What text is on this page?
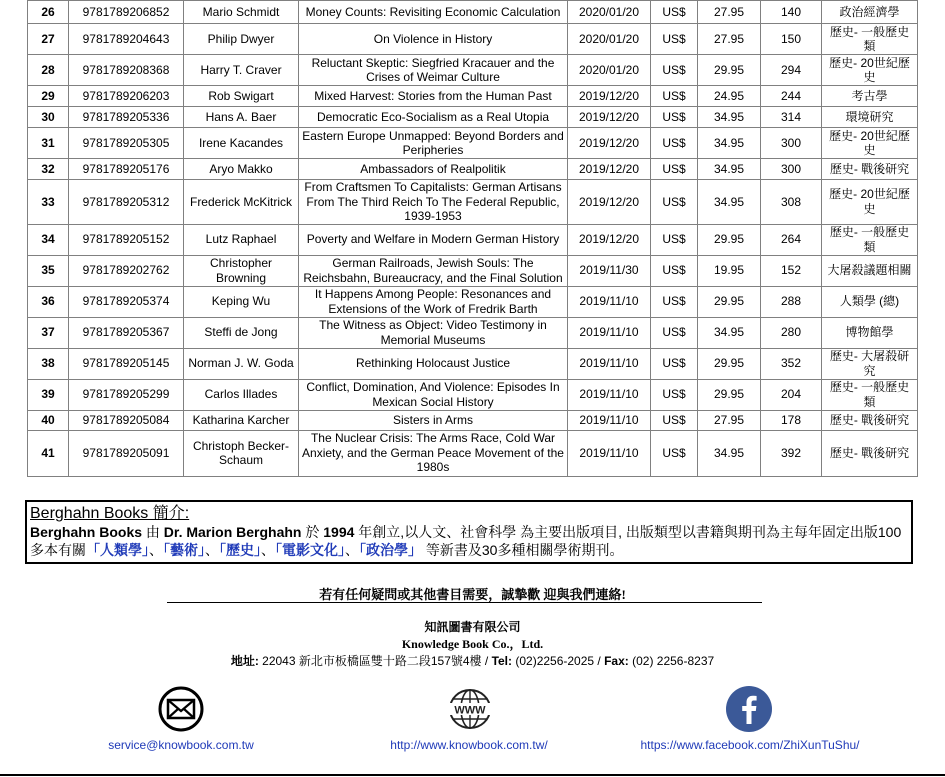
26	9781789206852	Mario Schmidt	Money Counts: Revisiting Economic Calculation	2020/01/20	US$	27.95	140	政治經濟學
27	9781789204643	Philip Dwyer	On Violence in History	2020/01/20	US$	27.95	150	歷史- 一般歷史類
28	9781789208368	Harry T. Craver	Reluctant Skeptic: Siegfried Kracauer and the Crises of Weimar Culture	2020/01/20	US$	29.95	294	歷史- 20世紀歷史
29	9781789206203	Rob Swigart	Mixed Harvest: Stories from the Human Past	2019/12/20	US$	24.95	244	考古學
30	9781789205336	Hans A. Baer	Democratic Eco-Socialism as a Real Utopia	2019/12/20	US$	34.95	314	環境研究
31	9781789205305	Irene Kacandes	Eastern Europe Unmapped: Beyond Borders and Peripheries	2019/12/20	US$	34.95	300	歷史- 20世紀歷史
32	9781789205176	Aryo Makko	Ambassadors of Realpolitik	2019/12/20	US$	34.95	300	歷史- 戰後研究
33	9781789205312	Frederick McKitrick	From Craftsmen To Capitalists: German Artisans From The Third Reich To The Federal Republic, 1939-1953	2019/12/20	US$	34.95	308	歷史- 20世紀歷史
34	9781789205152	Lutz Raphael	Poverty and Welfare in Modern German History	2019/12/20	US$	29.95	264	歷史- 一般歷史類
35	9781789202762	Christopher Browning	German Railroads, Jewish Souls: The Reichsbahn, Bureaucracy, and the Final Solution	2019/11/30	US$	19.95	152	大屠殺議題相關
36	9781789205374	Keping Wu	It Happens Among People: Resonances and Extensions of the Work of Fredrik Barth	2019/11/10	US$	29.95	288	人類學 (總)
37	9781789205367	Steffi de Jong	The Witness as Object: Video Testimony in Memorial Museums	2019/11/10	US$	34.95	280	博物館學
38	9781789205145	Norman J. W. Goda	Rethinking Holocaust Justice	2019/11/10	US$	29.95	352	歷史- 大屠殺研究
39	9781789205299	Carlos Illades	Conflict, Domination, And Violence: Episodes In Mexican Social History	2019/11/10	US$	29.95	204	歷史- 一般歷史類
40	9781789205084	Katharina Karcher	Sisters in Arms	2019/11/10	US$	27.95	178	歷史- 戰後研究
41	9781789205091	Christoph Becker-Schaum	The Nuclear Crisis: The Arms Race, Cold War Anxiety, and the German Peace Movement of the 1980s	2019/11/10	US$	34.95	392	歷史- 戰後研究
Berghahn Books 簡介:
Berghahn Books 由 Dr. Marion Berghahn 於 1994 年創立,以人文、社會科學 為主要出版項目, 出版類型以書籍與期刊為主每年固定出版100多本有關「人類學」、「藝術」、「歷史」、「電影文化」、「政治學」 等新書及30多種相關學術期刊。
若有任何疑問或其他書目需要，誠摯歡 迎與我們連絡!
知訊圖書有限公司
Knowledge Book Co.，Ltd.
地址: 22043 新北市板橋區雙十路二段157號4樓 / Tel: (02)2256-2025 / Fax: (02) 2256-8237
service@knowbook.com.tw
WWW
http://www.knowbook.com.tw/	https://www.facebook.com/ZhiXunTuShu/
